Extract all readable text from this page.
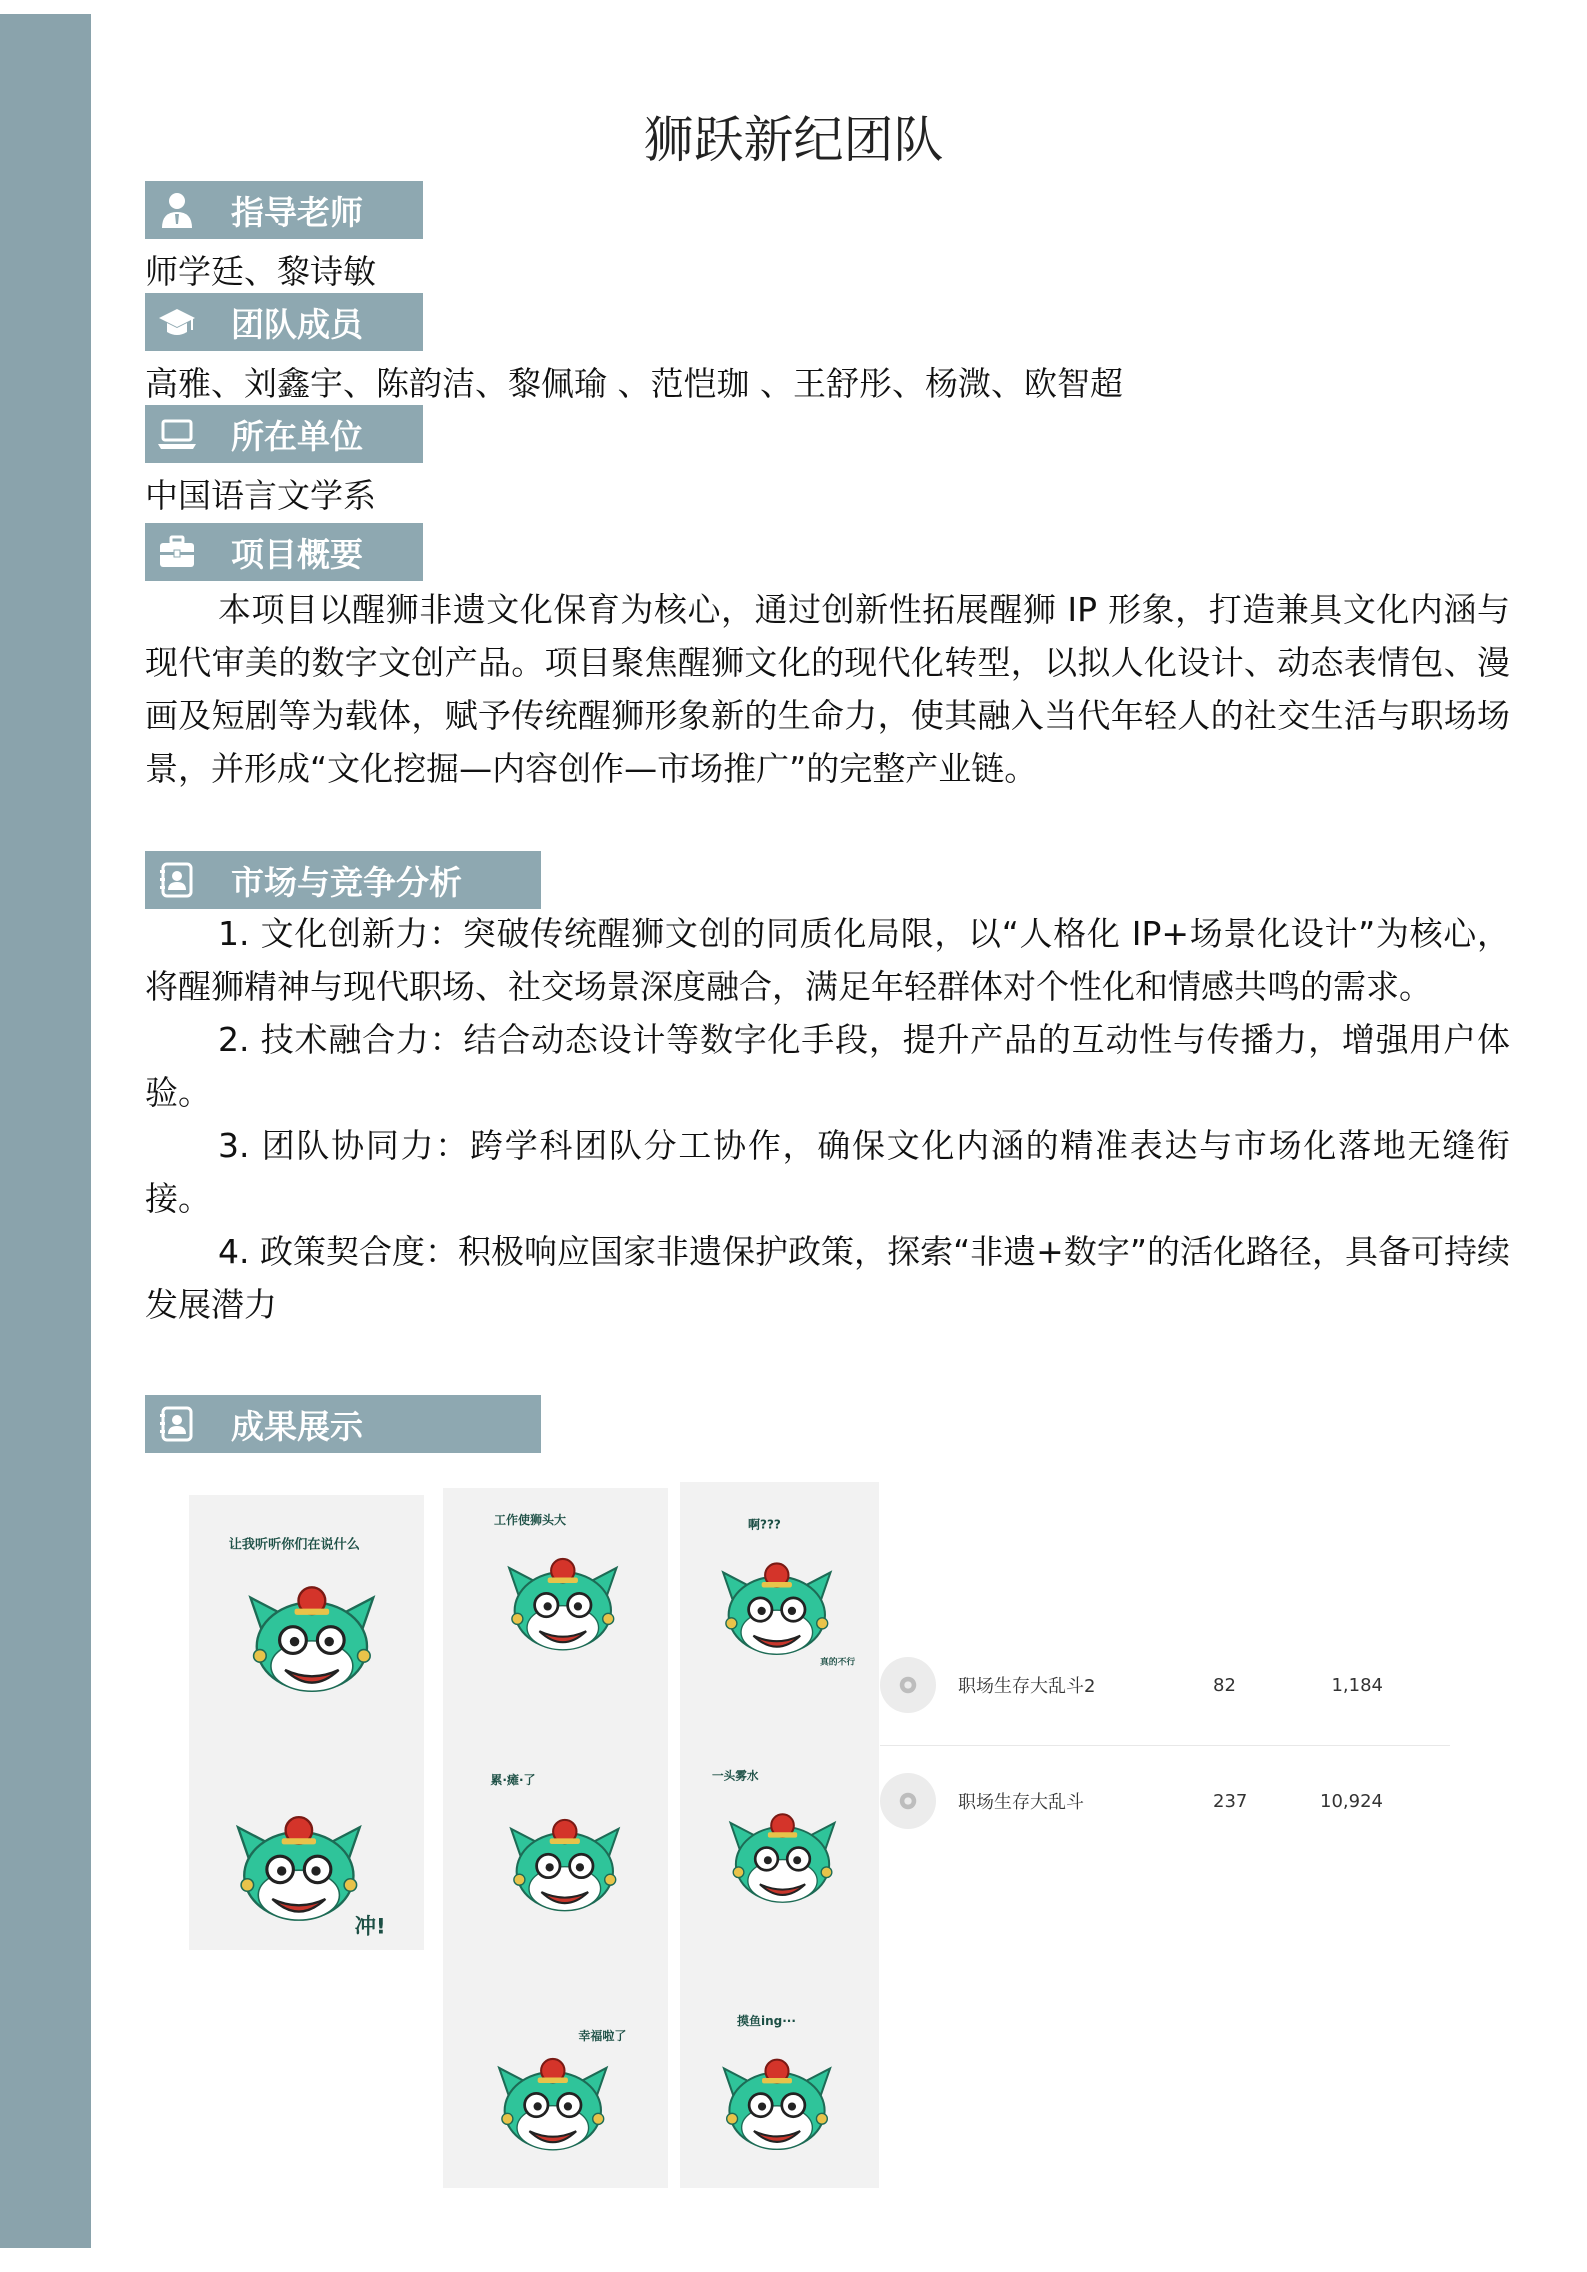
狮跃新纪团队
指导老师
师学廷、黎诗敏
团队成员
高雅、刘鑫宇、陈韵洁、黎佩瑜 、范恺珈 、王舒彤、杨溦、欧智超
所在单位
中国语言文学系
项目概要

本项目以醒狮非遗文化保育为核心，通过创新性拓展醒狮 IP 形象，打造兼具文化内涵与现代审美的数字文创产品。项目聚焦醒狮文化的现代化转型，以拟人化设计、动态表情包、漫画及短剧等为载体，赋予传统醒狮形象新的生命力，使其融入当代年轻人的社交生活与职场场景，并形成“文化挖掘—内容创作—市场推广”的完整产业链。

市场与竞争分析

1. 文化创新力：突破传统醒狮文创的同质化局限，以“人格化 IP+场景化设计”为核心，将醒狮精神与现代职场、社交场景深度融合，满足年轻群体对个性化和情感共鸣的需求。

2. 技术融合力：结合动态设计等数字化手段，提升产品的互动性与传播力，增强用户体验。

3. 团队协同力：跨学科团队分工协作，确保文化内涵的精准表达与市场化落地无缝衔接。

4. 政策契合度：积极响应国家非遗保护政策，探索“非遗+数字”的活化路径，具备可持续发展潜力

成果展示
让我听听你们在说什么
冲!
工作使狮头大
累·瘫·了
幸福啦了
啊???
真的不行
一头雾水
摸鱼ing···
职场生存大乱斗2	82	1,184
职场生存大乱斗	237	10,924
